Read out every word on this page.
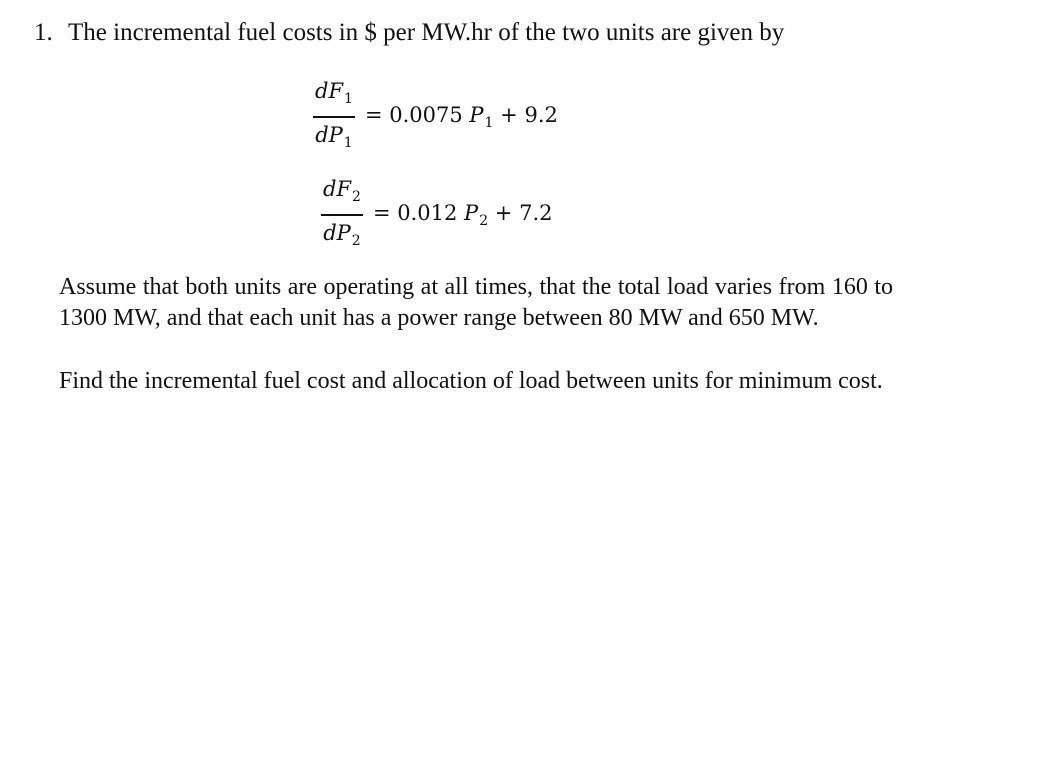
1. The incremental fuel costs in $ per MW.hr of the two units are given by
$\frac{dF_1}{dP_1} = 0.0075$ $P_1 + 9.2$
$\frac{dF_2}{dP_2} = 0.012$ $P_2 + 7.2$

Assume that both units are operating at all times, that the total load varies from 160 to 1300 MW, and that each unit has a power range between 80 MW and 650 MW.

Find the incremental fuel cost and allocation of load between units for minimum cost.
